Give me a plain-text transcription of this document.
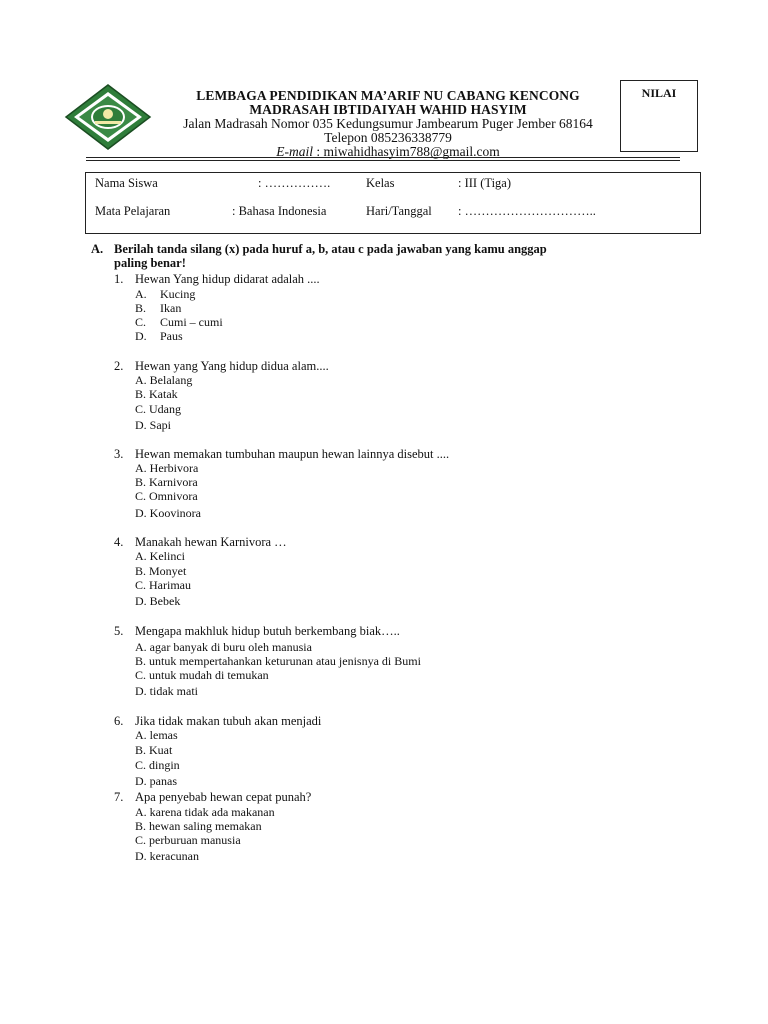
LEMBAGA PENDIDIKAN MA’ARIF NU CABANG KENCONG
MADRASAH IBTIDAIYAH WAHID HASYIM
Jalan Madrasah Nomor 035 Kedungsumur Jambearum Puger Jember 68164
Telepon 085236338779
E-mail : miwahidhasyim788@gmail.com
NILAI
Nama Siswa	: …………….	Kelas	: III (Tiga)
Mata Pelajaran	: Bahasa Indonesia	Hari/Tanggal : …………………………..
A. Berilah tanda silang (x) pada huruf a, b, atau c pada jawaban yang kamu anggap
paling benar!
1. Hewan Yang hidup didarat adalah ....
A. Kucing
B. Ikan
C. Cumi – cumi
D. Paus
2. Hewan yang Yang hidup didua alam....
A. Belalang
B. Katak
C. Udang
D. Sapi
3. Hewan memakan tumbuhan maupun hewan lainnya disebut ....
A. Herbivora
B. Karnivora
C. Omnivora
D. Koovinora
4. Manakah hewan Karnivora …
A. Kelinci
B. Monyet
C. Harimau
D. Bebek
5. Mengapa makhluk hidup butuh berkembang biak…..
A. agar banyak di buru oleh manusia
B. untuk mempertahankan keturunan atau jenisnya di Bumi
C. untuk mudah di temukan
D. tidak mati
6. Jika tidak makan tubuh akan menjadi
A. lemas
B. Kuat
C. dingin
D. panas
7. Apa penyebab hewan cepat punah?
A. karena tidak ada makanan
B. hewan saling memakan
C. perburuan manusia
D. keracunan
